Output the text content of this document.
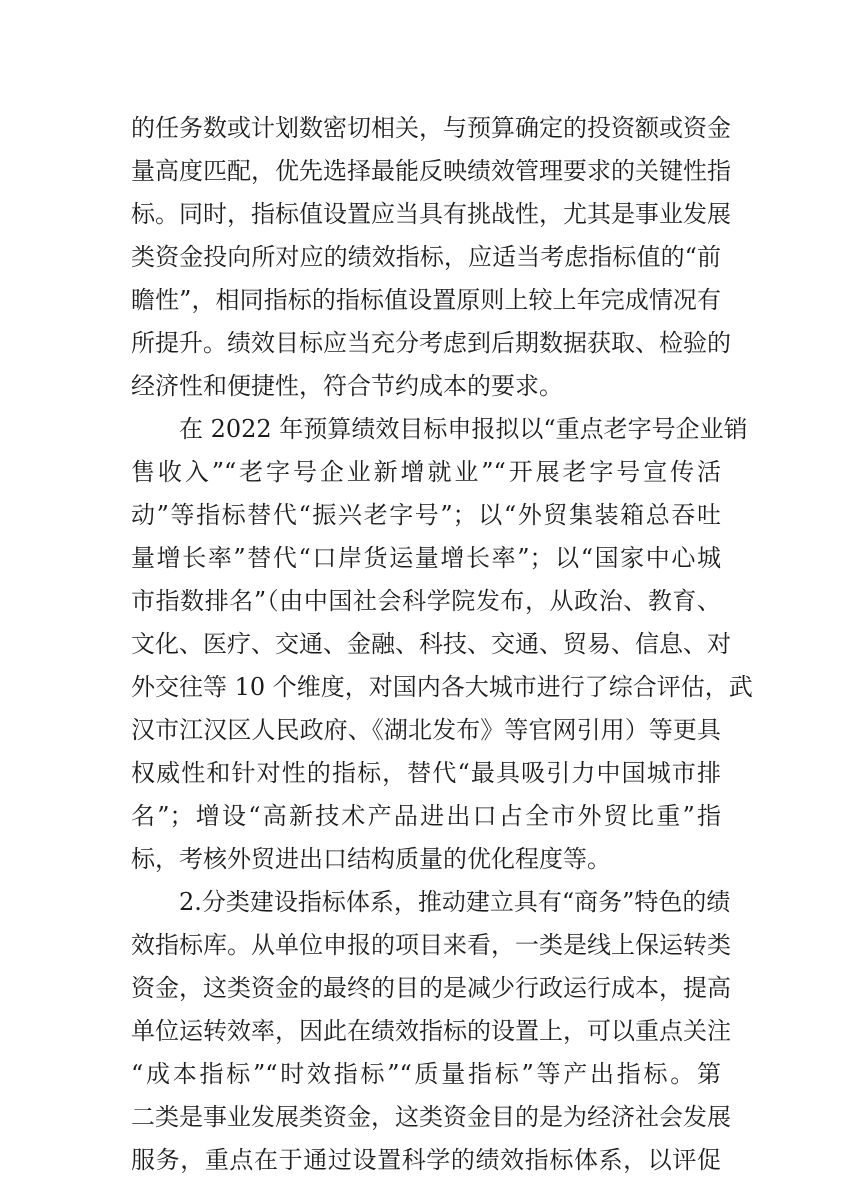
的任务数或计划数密切相关，与预算确定的投资额或资金
量高度匹配，优先选择最能反映绩效管理要求的关键性指
标。同时，指标值设置应当具有挑战性，尤其是事业发展
类资金投向所对应的绩效指标，应适当考虑指标值的“前
瞻性”，相同指标的指标值设置原则上较上年完成情况有
所提升。绩效目标应当充分考虑到后期数据获取、检验的
经济性和便捷性，符合节约成本的要求。
在 2022 年预算绩效目标申报拟以“重点老字号企业销
售收入”“老字号企业新增就业”“开展老字号宣传活
动”等指标替代“振兴老字号”；以“外贸集装箱总吞吐
量增长率”替代“口岸货运量增长率”；以“国家中心城
市指数排名”（由中国社会科学院发布，从政治、教育、
文化、医疗、交通、金融、科技、交通、贸易、信息、对
外交往等 10 个维度，对国内各大城市进行了综合评估，武
汉市江汉区人民政府、《湖北发布》等官网引用）等更具
权威性和针对性的指标，替代“最具吸引力中国城市排
名”；增设“高新技术产品进出口占全市外贸比重”指
标，考核外贸进出口结构质量的优化程度等。
2.分类建设指标体系，推动建立具有“商务”特色的绩
效指标库。从单位申报的项目来看，一类是线上保运转类
资金，这类资金的最终的目的是减少行政运行成本，提高
单位运转效率，因此在绩效指标的设置上，可以重点关注
“成本指标”“时效指标”“质量指标”等产出指标。第
二类是事业发展类资金，这类资金目的是为经济社会发展
服务，重点在于通过设置科学的绩效指标体系，以评促
